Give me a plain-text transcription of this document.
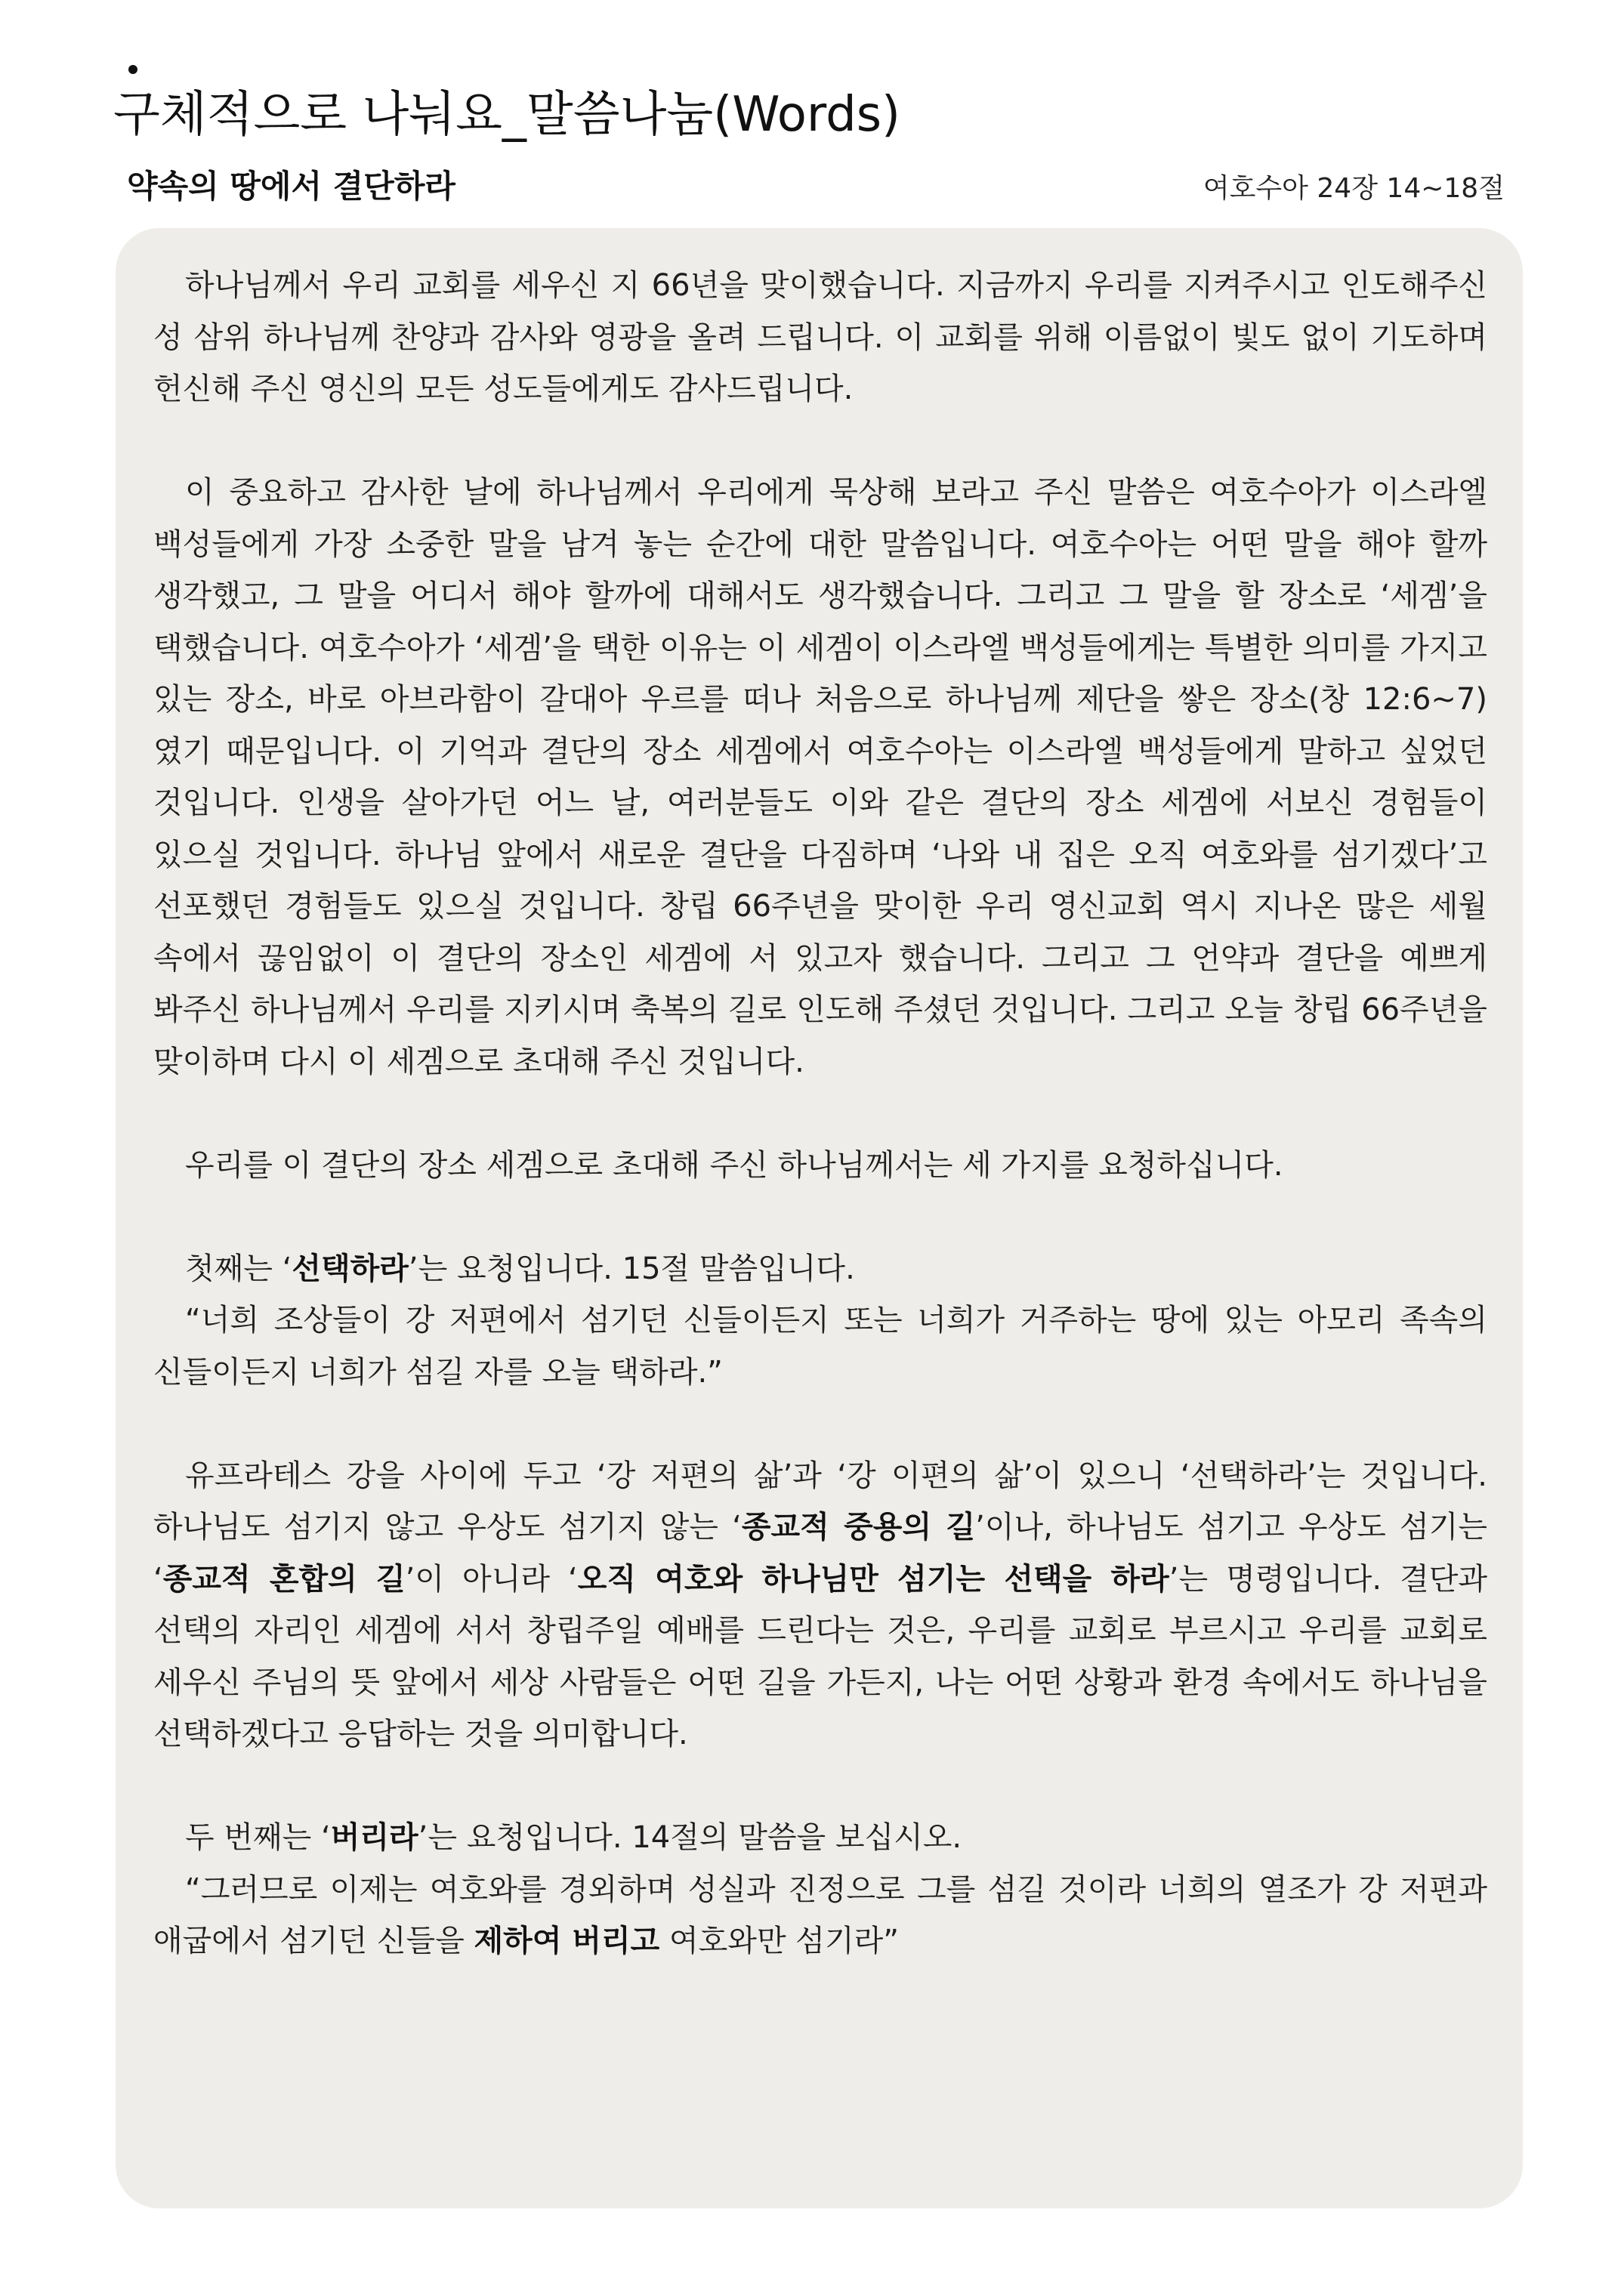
구체적으로 나눠요_말씀나눔(Words)
약속의 땅에서 결단하라	여호수아 24장 14~18절

하나님께서 우리 교회를 세우신 지 66년을 맞이했습니다. 지금까지 우리를 지켜주시고 인도해주신 성 삼위 하나님께 찬양과 감사와 영광을 올려 드립니다. 이 교회를 위해 이름없이 빛도 없이 기도하며 헌신해 주신 영신의 모든 성도들에게도 감사드립니다.

이 중요하고 감사한 날에 하나님께서 우리에게 묵상해 보라고 주신 말씀은 여호수아가 이스라엘 백성들에게 가장 소중한 말을 남겨 놓는 순간에 대한 말씀입니다. 여호수아는 어떤 말을 해야 할까 생각했고, 그 말을 어디서 해야 할까에 대해서도 생각했습니다. 그리고 그 말을 할 장소로 ‘세겜’을 택했습니다. 여호수아가 ‘세겜’을 택한 이유는 이 세겜이 이스라엘 백성들에게는 특별한 의미를 가지고 있는 장소, 바로 아브라함이 갈대아 우르를 떠나 처음으로 하나님께 제단을 쌓은 장소(창 12:6~7)였기 때문입니다. 이 기억과 결단의 장소 세겜에서 여호수아는 이스라엘 백성들에게 말하고 싶었던 것입니다. 인생을 살아가던 어느 날, 여러분들도 이와 같은 결단의 장소 세겜에 서보신 경험들이 있으실 것입니다. 하나님 앞에서 새로운 결단을 다짐하며 ‘나와 내 집은 오직 여호와를 섬기겠다’고 선포했던 경험들도 있으실 것입니다. 창립 66주년을 맞이한 우리 영신교회 역시 지나온 많은 세월 속에서 끊임없이 이 결단의 장소인 세겜에 서 있고자 했습니다. 그리고 그 언약과 결단을 예쁘게 봐주신 하나님께서 우리를 지키시며 축복의 길로 인도해 주셨던 것입니다. 그리고 오늘 창립 66주년을 맞이하며 다시 이 세겜으로 초대해 주신 것입니다.

우리를 이 결단의 장소 세겜으로 초대해 주신 하나님께서는 세 가지를 요청하십니다.

첫째는 ‘선택하라’는 요청입니다. 15절 말씀입니다.

“너희 조상들이 강 저편에서 섬기던 신들이든지 또는 너희가 거주하는 땅에 있는 아모리 족속의 신들이든지 너희가 섬길 자를 오늘 택하라.”

유프라테스 강을 사이에 두고 ‘강 저편의 삶’과 ‘강 이편의 삶’이 있으니 ‘선택하라’는 것입니다. 하나님도 섬기지 않고 우상도 섬기지 않는 ‘종교적 중용의 길’이나, 하나님도 섬기고 우상도 섬기는 ‘종교적 혼합의 길’이 아니라 ‘오직 여호와 하나님만 섬기는 선택을 하라’는 명령입니다. 결단과 선택의 자리인 세겜에 서서 창립주일 예배를 드린다는 것은, 우리를 교회로 부르시고 우리를 교회로 세우신 주님의 뜻 앞에서 세상 사람들은 어떤 길을 가든지, 나는 어떤 상황과 환경 속에서도 하나님을 선택하겠다고 응답하는 것을 의미합니다.

두 번째는 ‘버리라’는 요청입니다. 14절의 말씀을 보십시오.

“그러므로 이제는 여호와를 경외하며 성실과 진정으로 그를 섬길 것이라 너희의 열조가 강 저편과 애굽에서 섬기던 신들을 제하여 버리고 여호와만 섬기라”
